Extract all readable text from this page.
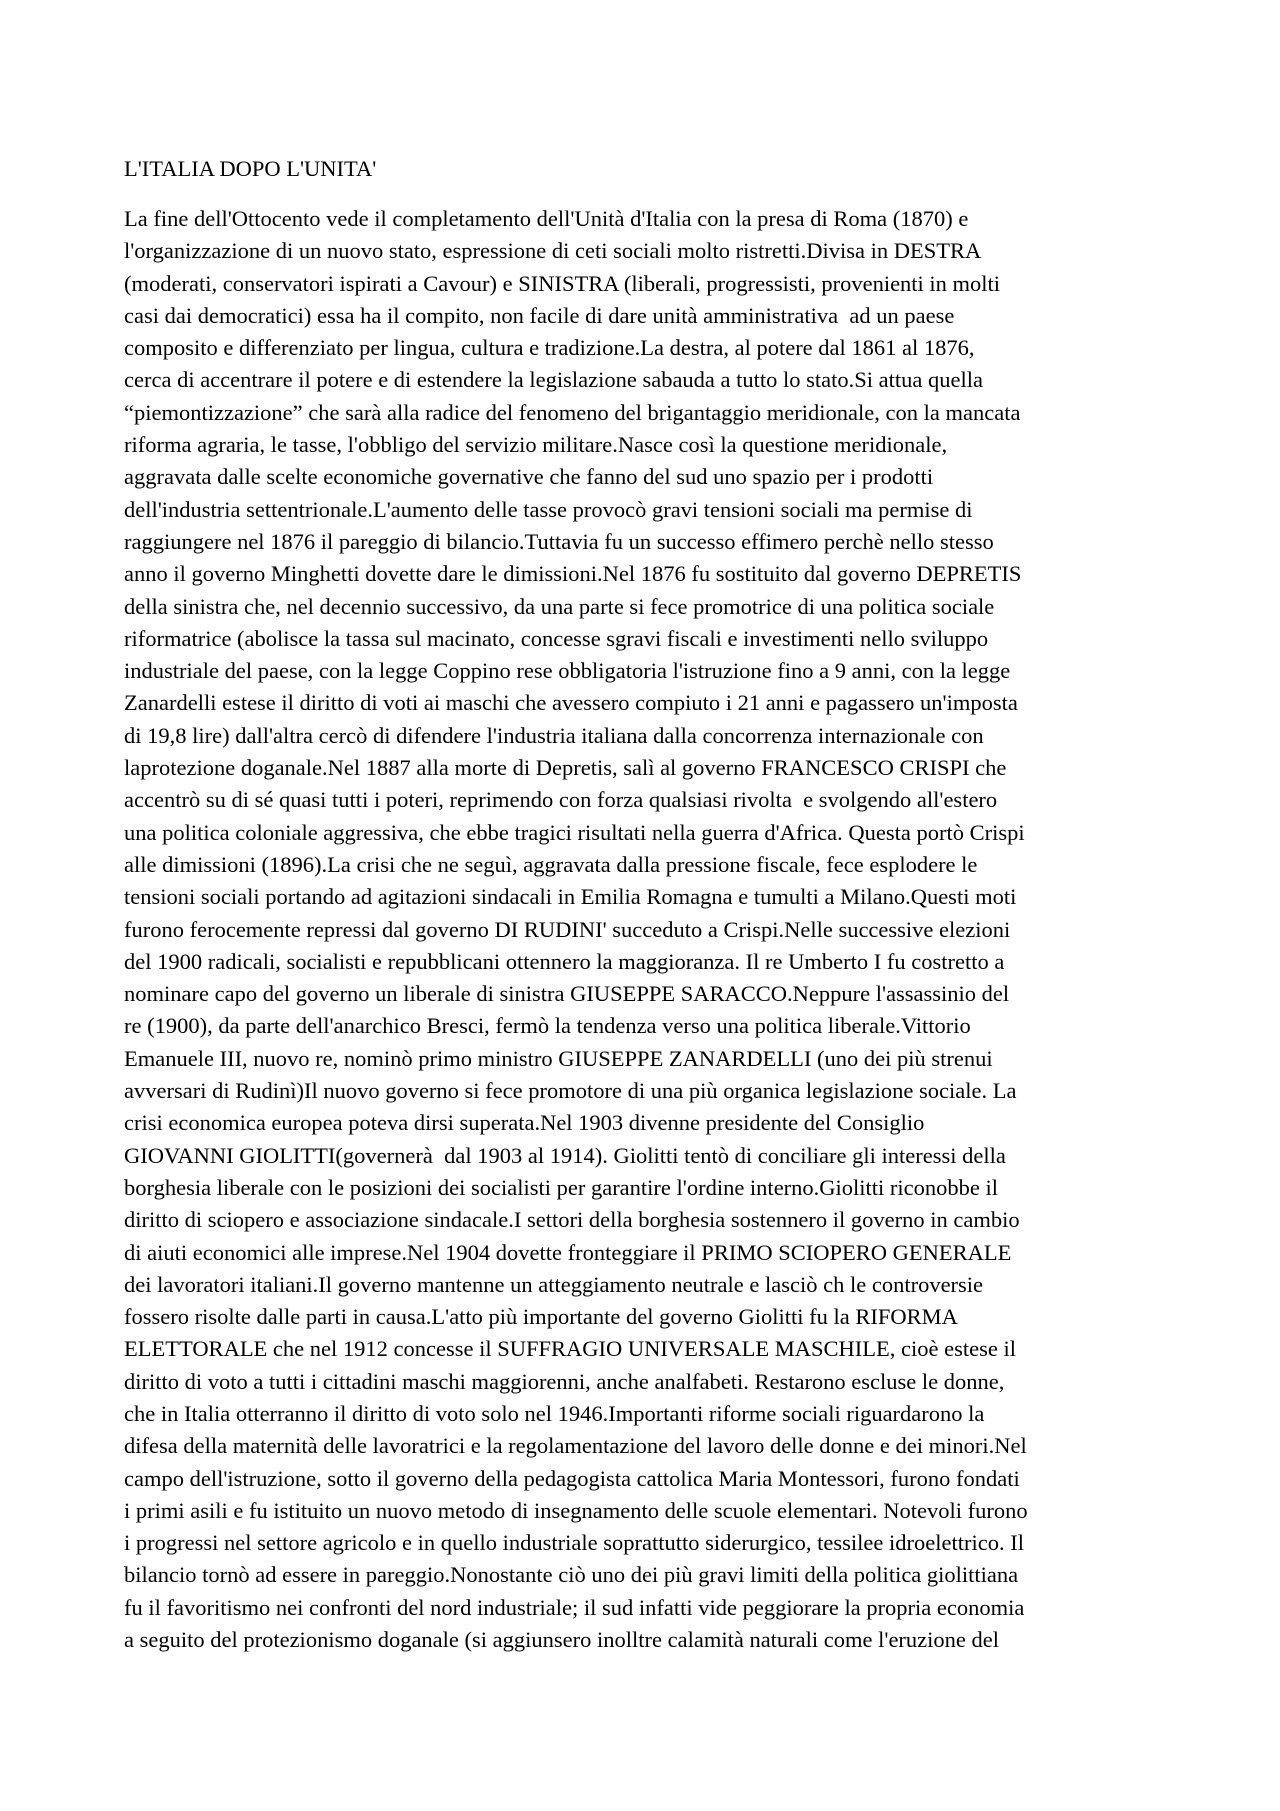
L'ITALIA DOPO L'UNITA'
La fine dell'Ottocento vede il completamento dell'Unità d'Italia con la presa di Roma (1870) e
l'organizzazione di un nuovo stato, espressione di ceti sociali molto ristretti.Divisa in DESTRA
(moderati, conservatori ispirati a Cavour) e SINISTRA (liberali, progressisti, provenienti in molti
casi dai democratici) essa ha il compito, non facile di dare unità amministrativa  ad un paese
composito e differenziato per lingua, cultura e tradizione.La destra, al potere dal 1861 al 1876,
cerca di accentrare il potere e di estendere la legislazione sabauda a tutto lo stato.Si attua quella
“piemontizzazione” che sarà alla radice del fenomeno del brigantaggio meridionale, con la mancata
riforma agraria, le tasse, l'obbligo del servizio militare.Nasce così la questione meridionale,
aggravata dalle scelte economiche governative che fanno del sud uno spazio per i prodotti
dell'industria settentrionale.L'aumento delle tasse provocò gravi tensioni sociali ma permise di
raggiungere nel 1876 il pareggio di bilancio.Tuttavia fu un successo effimero perchè nello stesso
anno il governo Minghetti dovette dare le dimissioni.Nel 1876 fu sostituito dal governo DEPRETIS
della sinistra che, nel decennio successivo, da una parte si fece promotrice di una politica sociale
riformatrice (abolisce la tassa sul macinato, concesse sgravi fiscali e investimenti nello sviluppo
industriale del paese, con la legge Coppino rese obbligatoria l'istruzione fino a 9 anni, con la legge
Zanardelli estese il diritto di voti ai maschi che avessero compiuto i 21 anni e pagassero un'imposta
di 19,8 lire) dall'altra cercò di difendere l'industria italiana dalla concorrenza internazionale con
laprotezione doganale.Nel 1887 alla morte di Depretis, salì al governo FRANCESCO CRISPI che
accentrò su di sé quasi tutti i poteri, reprimendo con forza qualsiasi rivolta  e svolgendo all'estero
una politica coloniale aggressiva, che ebbe tragici risultati nella guerra d'Africa. Questa portò Crispi
alle dimissioni (1896).La crisi che ne seguì, aggravata dalla pressione fiscale, fece esplodere le
tensioni sociali portando ad agitazioni sindacali in Emilia Romagna e tumulti a Milano.Questi moti
furono ferocemente repressi dal governo DI RUDINI' succeduto a Crispi.Nelle successive elezioni
del 1900 radicali, socialisti e repubblicani ottennero la maggioranza. Il re Umberto I fu costretto a
nominare capo del governo un liberale di sinistra GIUSEPPE SARACCO.Neppure l'assassinio del
re (1900), da parte dell'anarchico Bresci, fermò la tendenza verso una politica liberale.Vittorio
Emanuele III, nuovo re, nominò primo ministro GIUSEPPE ZANARDELLI (uno dei più strenui
avversari di Rudinì)Il nuovo governo si fece promotore di una più organica legislazione sociale. La
crisi economica europea poteva dirsi superata.Nel 1903 divenne presidente del Consiglio
GIOVANNI GIOLITTI(governerà  dal 1903 al 1914). Giolitti tentò di conciliare gli interessi della
borghesia liberale con le posizioni dei socialisti per garantire l'ordine interno.Giolitti riconobbe il
diritto di sciopero e associazione sindacale.I settori della borghesia sostennero il governo in cambio
di aiuti economici alle imprese.Nel 1904 dovette fronteggiare il PRIMO SCIOPERO GENERALE
dei lavoratori italiani.Il governo mantenne un atteggiamento neutrale e lasciò ch le controversie
fossero risolte dalle parti in causa.L'atto più importante del governo Giolitti fu la RIFORMA
ELETTORALE che nel 1912 concesse il SUFFRAGIO UNIVERSALE MASCHILE, cioè estese il
diritto di voto a tutti i cittadini maschi maggiorenni, anche analfabeti. Restarono escluse le donne,
che in Italia otterranno il diritto di voto solo nel 1946.Importanti riforme sociali riguardarono la
difesa della maternità delle lavoratrici e la regolamentazione del lavoro delle donne e dei minori.Nel
campo dell'istruzione, sotto il governo della pedagogista cattolica Maria Montessori, furono fondati
i primi asili e fu istituito un nuovo metodo di insegnamento delle scuole elementari. Notevoli furono
i progressi nel settore agricolo e in quello industriale soprattutto siderurgico, tessilee idroelettrico. Il
bilancio tornò ad essere in pareggio.Nonostante ciò uno dei più gravi limiti della politica giolittiana
fu il favoritismo nei confronti del nord industriale; il sud infatti vide peggiorare la propria economia
a seguito del protezionismo doganale (si aggiunsero inolltre calamità naturali come l'eruzione del
